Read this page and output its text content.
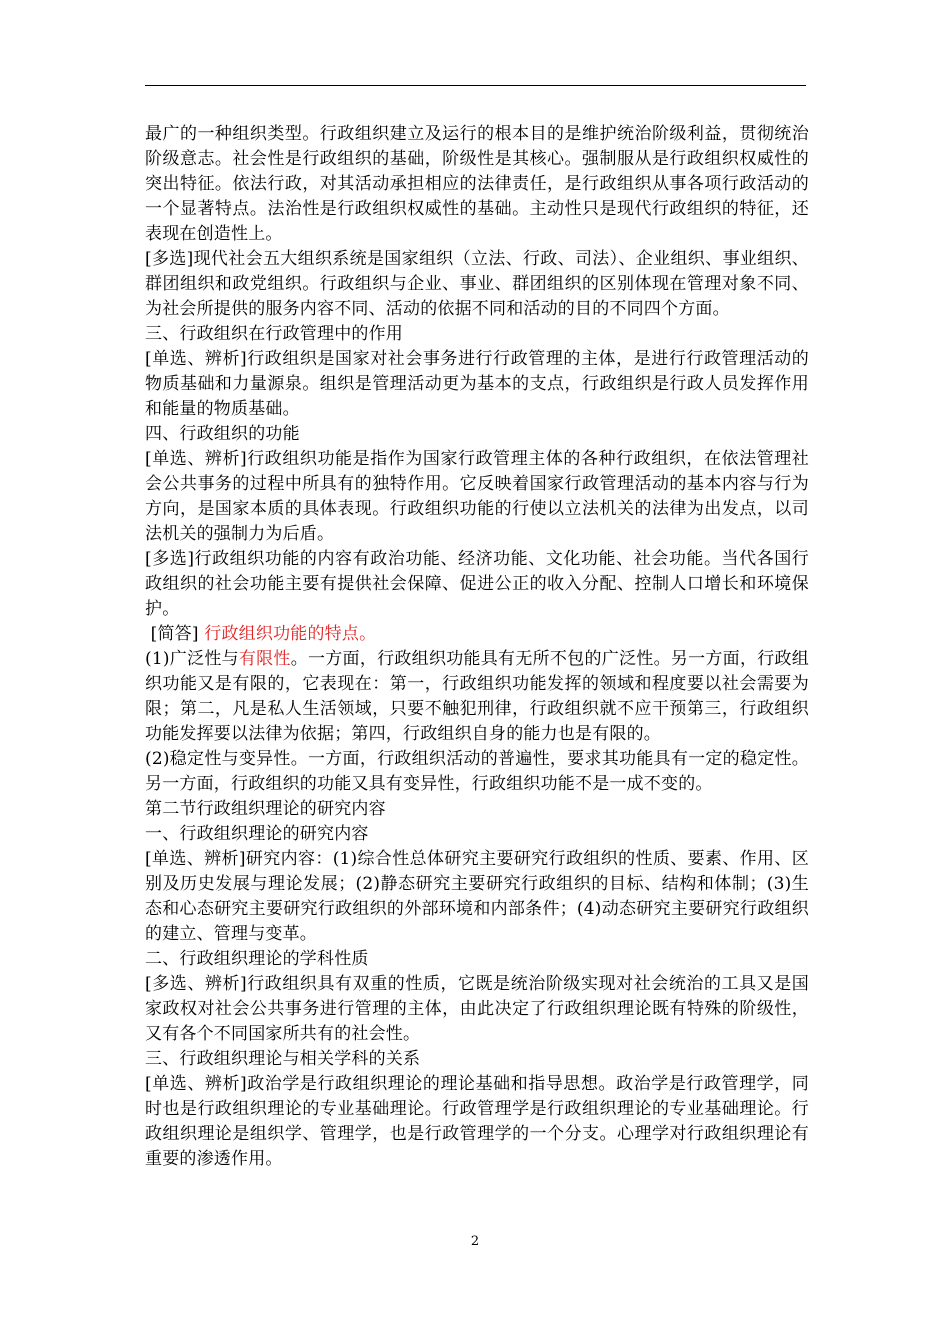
最广的一种组织类型。行政组织建立及运行的根本目的是维护统治阶级利益，贯彻统治阶级意志。社会性是行政组织的基础，阶级性是其核心。强制服从是行政组织权威性的突出特征。依法行政，对其活动承担相应的法律责任，是行政组织从事各项行政活动的一个显著特点。法治性是行政组织权威性的基础。主动性只是现代行政组织的特征，还表现在创造性上。

[多选]现代社会五大组织系统是国家组织（立法、行政、司法）、企业组织、事业组织、群团组织和政党组织。行政组织与企业、事业、群团组织的区别体现在管理对象不同、为社会所提供的服务内容不同、活动的依据不同和活动的目的不同四个方面。

三、行政组织在行政管理中的作用

[单选、辨析]行政组织是国家对社会事务进行行政管理的主体，是进行行政管理活动的物质基础和力量源泉。组织是管理活动更为基本的支点，行政组织是行政人员发挥作用和能量的物质基础。

四、行政组织的功能

[单选、辨析]行政组织功能是指作为国家行政管理主体的各种行政组织，在依法管理社会公共事务的过程中所具有的独特作用。它反映着国家行政管理活动的基本内容与行为方向，是国家本质的具体表现。行政组织功能的行使以立法机关的法律为出发点，以司法机关的强制力为后盾。

[多选]行政组织功能的内容有政治功能、经济功能、文化功能、社会功能。当代各国行政组织的社会功能主要有提供社会保障、促进公正的收入分配、控制人口增长和环境保护。

[简答] 行政组织功能的特点。

(1)广泛性与有限性。一方面，行政组织功能具有无所不包的广泛性。另一方面，行政组织功能又是有限的，它表现在：第一，行政组织功能发挥的领域和程度要以社会需要为限；第二，凡是私人生活领域，只要不触犯刑律，行政组织就不应干预第三，行政组织功能发挥要以法律为依据；第四，行政组织自身的能力也是有限的。

(2)稳定性与变异性。一方面，行政组织活动的普遍性，要求其功能具有一定的稳定性。另一方面，行政组织的功能又具有变异性，行政组织功能不是一成不变的。

第二节行政组织理论的研究内容

一、行政组织理论的研究内容

[单选、辨析]研究内容：(1)综合性总体研究主要研究行政组织的性质、要素、作用、区别及历史发展与理论发展；(2)静态研究主要研究行政组织的目标、结构和体制；(3)生态和心态研究主要研究行政组织的外部环境和内部条件；(4)动态研究主要研究行政组织的建立、管理与变革。

二、行政组织理论的学科性质

[多选、辨析]行政组织具有双重的性质，它既是统治阶级实现对社会统治的工具又是国家政权对社会公共事务进行管理的主体，由此决定了行政组织理论既有特殊的阶级性，又有各个不同国家所共有的社会性。

三、行政组织理论与相关学科的关系

[单选、辨析]政治学是行政组织理论的理论基础和指导思想。政治学是行政管理学，同时也是行政组织理论的专业基础理论。行政管理学是行政组织理论的专业基础理论。行政组织理论是组织学、管理学，也是行政管理学的一个分支。心理学对行政组织理论有重要的渗透作用。

2
